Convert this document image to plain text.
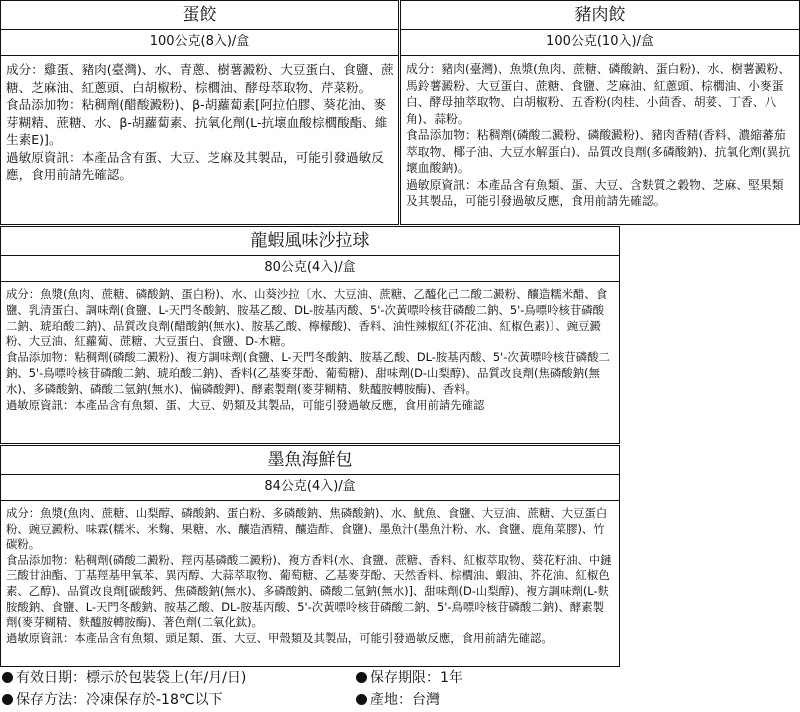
蛋餃
100公克(8入)/盒

成分：雞蛋、豬肉(臺灣)、水、青蔥、樹薯澱粉、大豆蛋白、食鹽、蔗糖、芝麻油、紅蔥頭、白胡椒粉、棕櫚油、酵母萃取物、芹菜粉。

食品添加物：粘稠劑(醋酸澱粉)、β-胡蘿蔔素[阿拉伯膠、葵花油、麥芽糊精、蔗糖、水、β-胡蘿蔔素、抗氧化劑(L-抗壞血酸棕櫚酸酯、維生素E)]。

過敏原資訊：本產品含有蛋、大豆、芝麻及其製品，可能引發過敏反應，食用前請先確認。

豬肉餃
100公克(10入)/盒

成分：豬肉(臺灣)、魚漿(魚肉、蔗糖、磷酸鈉、蛋白粉)、水、樹薯澱粉、馬鈴薯澱粉、大豆蛋白、蔗糖、食鹽、芝麻油、紅蔥頭、棕櫚油、小麥蛋白、酵母抽萃取物、白胡椒粉、五香粉(肉桂、小茴香、胡荽、丁香、八角)、蒜粉。

食品添加物：粘稠劑(磷酸二澱粉、磷酸澱粉)、豬肉香精(香料、濃縮蕃茄萃取物、椰子油、大豆水解蛋白)、品質改良劑(多磷酸鈉)、抗氧化劑(異抗壞血酸鈉)。

過敏原資訊：本產品含有魚類、蛋、大豆、含麩質之穀物、芝麻、堅果類及其製品，可能引發過敏反應，食用前請先確認。

龍蝦風味沙拉球
80公克(4入)/盒

成分：魚漿(魚肉、蔗糖、磷酸鈉、蛋白粉)、水、山葵沙拉〔水、大豆油、蔗糖、乙醯化己二酸二澱粉、釀造糯米醋、食鹽、乳清蛋白、調味劑(食鹽、L-天門冬酸鈉、胺基乙酸、DL-胺基丙酸、5'-次黃嘌呤核苷磷酸二鈉、5'-鳥嘌呤核苷磷酸二鈉、琥珀酸二鈉)、品質改良劑(醋酸鈉(無水)、胺基乙酸、檸檬酸)、香料、油性辣椒紅(芥花油、紅椒色素)〕、豌豆澱粉、大豆油、紅蘿蔔、蔗糖、大豆蛋白、食鹽、D-木糖。

食品添加物：粘稠劑(磷酸二澱粉)、複方調味劑(食鹽、L-天門冬酸鈉、胺基乙酸、DL-胺基丙酸、5'-次黃嘌呤核苷磷酸二鈉、5'-鳥嘌呤核苷磷酸二鈉、琥珀酸二鈉)、香料(乙基麥芽酚、葡萄糖)、甜味劑(D-山梨醇)、品質改良劑(焦磷酸鈉(無水)、多磷酸鈉、磷酸二氫鈉(無水)、偏磷酸鉀)、酵素製劑(麥芽糊精、麩醯胺轉胺酶)、香料。

過敏原資訊：本產品含有魚類、蛋、大豆、奶類及其製品，可能引發過敏反應，食用前請先確認

墨魚海鮮包
84公克(4入)/盒

成分：魚漿(魚肉、蔗糖、山梨醇、磷酸鈉、蛋白粉、多磷酸鈉、焦磷酸鈉)、水、魷魚、食鹽、大豆油、蔗糖、大豆蛋白粉、豌豆澱粉、味霖(糯米、米麴、果糖、水、釀造酒精、釀造酢、食鹽)、墨魚汁(墨魚汁粉、水、食鹽、鹿角菜膠)、竹碳粉。

食品添加物：粘稠劑(磷酸二澱粉、羥丙基磷酸二澱粉)、複方香料(水、食鹽、蔗糖、香料、紅椒萃取物、葵花籽油、中鏈三酸甘油酯、丁基羥基甲氧苯、異丙醇、大蒜萃取物、葡萄糖、乙基麥芽酚、天然香料、棕櫚油、蝦油、芥花油、紅椒色素、乙醇)、品質改良劑[碳酸鈣、焦磷酸鈉(無水)、多磷酸鈉、磷酸二氫鈉(無水)]、甜味劑(D-山梨醇)、複方調味劑(L-麩胺酸鈉、食鹽、L-天門冬酸鈉、胺基乙酸、DL-胺基丙酸、5'-次黃嘌呤核苷磷酸二鈉、5'-鳥嘌呤核苷磷酸二鈉)、酵素製劑(麥芽糊精、麩醯胺轉胺酶)、著色劑(二氧化鈦)。

過敏原資訊：本產品含有魚類、頭足類、蛋、大豆、甲殼類及其製品，可能引發過敏反應，食用前請先確認。

有效日期：標示於包裝袋上(年/月/日)	保存期限：1年
保存方法：冷凍保存於-18℃以下	產地：台灣
